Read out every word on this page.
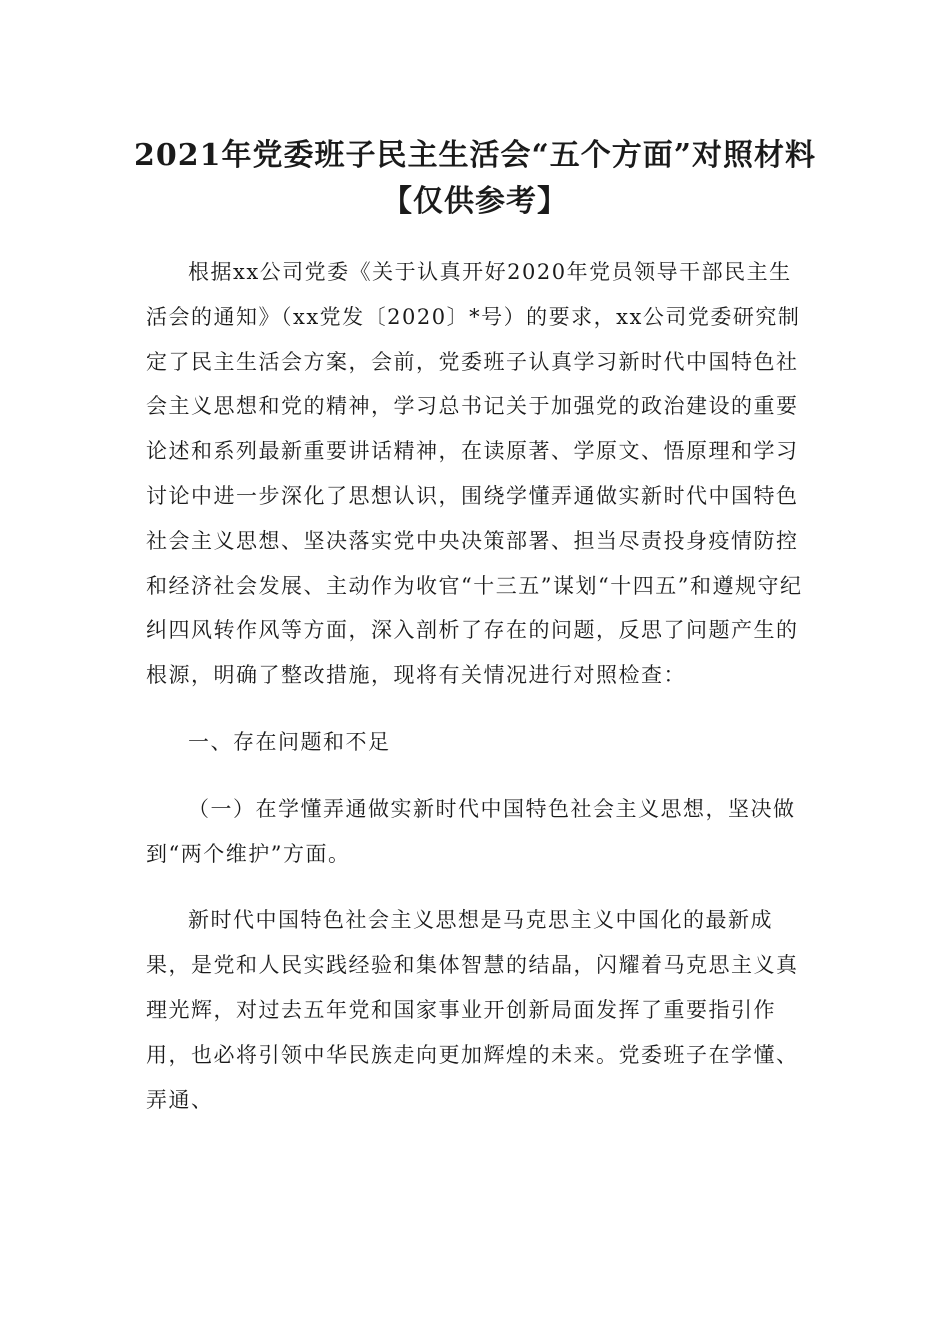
2021年党委班子民主生活会“五个方面”对照材料
【仅供参考】

根据xx公司党委《关于认真开好2020年党员领导干部民主生活会的通知》（xx党发〔2020〕*号）的要求，xx公司党委研究制定了民主生活会方案，会前，党委班子认真学习新时代中国特色社会主义思想和党的精神，学习总书记关于加强党的政治建设的重要论述和系列最新重要讲话精神，在读原著、学原文、悟原理和学习讨论中进一步深化了思想认识，围绕学懂弄通做实新时代中国特色社会主义思想、坚决落实党中央决策部署、担当尽责投身疫情防控和经济社会发展、主动作为收官“十三五”谋划“十四五”和遵规守纪纠四风转作风等方面，深入剖析了存在的问题，反思了问题产生的根源，明确了整改措施，现将有关情况进行对照检查：

一、存在问题和不足

（一）在学懂弄通做实新时代中国特色社会主义思想，坚决做到“两个维护”方面。

新时代中国特色社会主义思想是马克思主义中国化的最新成果，是党和人民实践经验和集体智慧的结晶，闪耀着马克思主义真理光辉，对过去五年党和国家事业开创新局面发挥了重要指引作用，也必将引领中华民族走向更加辉煌的未来。党委班子在学懂、弄通、
